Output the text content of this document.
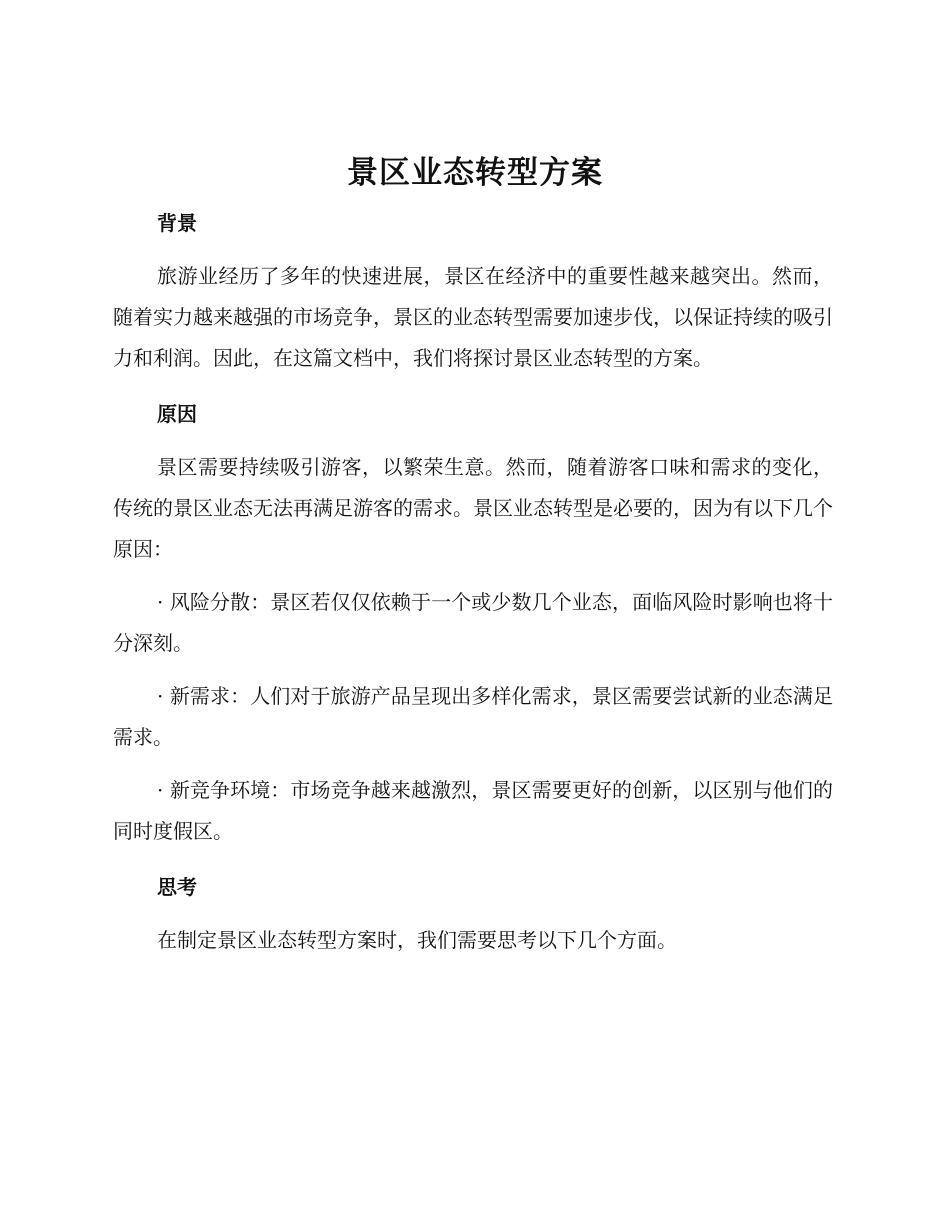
景区业态转型方案
背景

旅游业经历了多年的快速进展，景区在经济中的重要性越来越突出。然而，随着实力越来越强的市场竞争，景区的业态转型需要加速步伐，以保证持续的吸引力和利润。因此，在这篇文档中，我们将探讨景区业态转型的方案。

原因

景区需要持续吸引游客，以繁荣生意。然而，随着游客口味和需求的变化，传统的景区业态无法再满足游客的需求。景区业态转型是必要的，因为有以下几个原因：

· 风险分散：景区若仅仅依赖于一个或少数几个业态，面临风险时影响也将十分深刻。

· 新需求：人们对于旅游产品呈现出多样化需求，景区需要尝试新的业态满足需求。

· 新竞争环境：市场竞争越来越激烈，景区需要更好的创新，以区别与他们的同时度假区。

思考

在制定景区业态转型方案时，我们需要思考以下几个方面。
